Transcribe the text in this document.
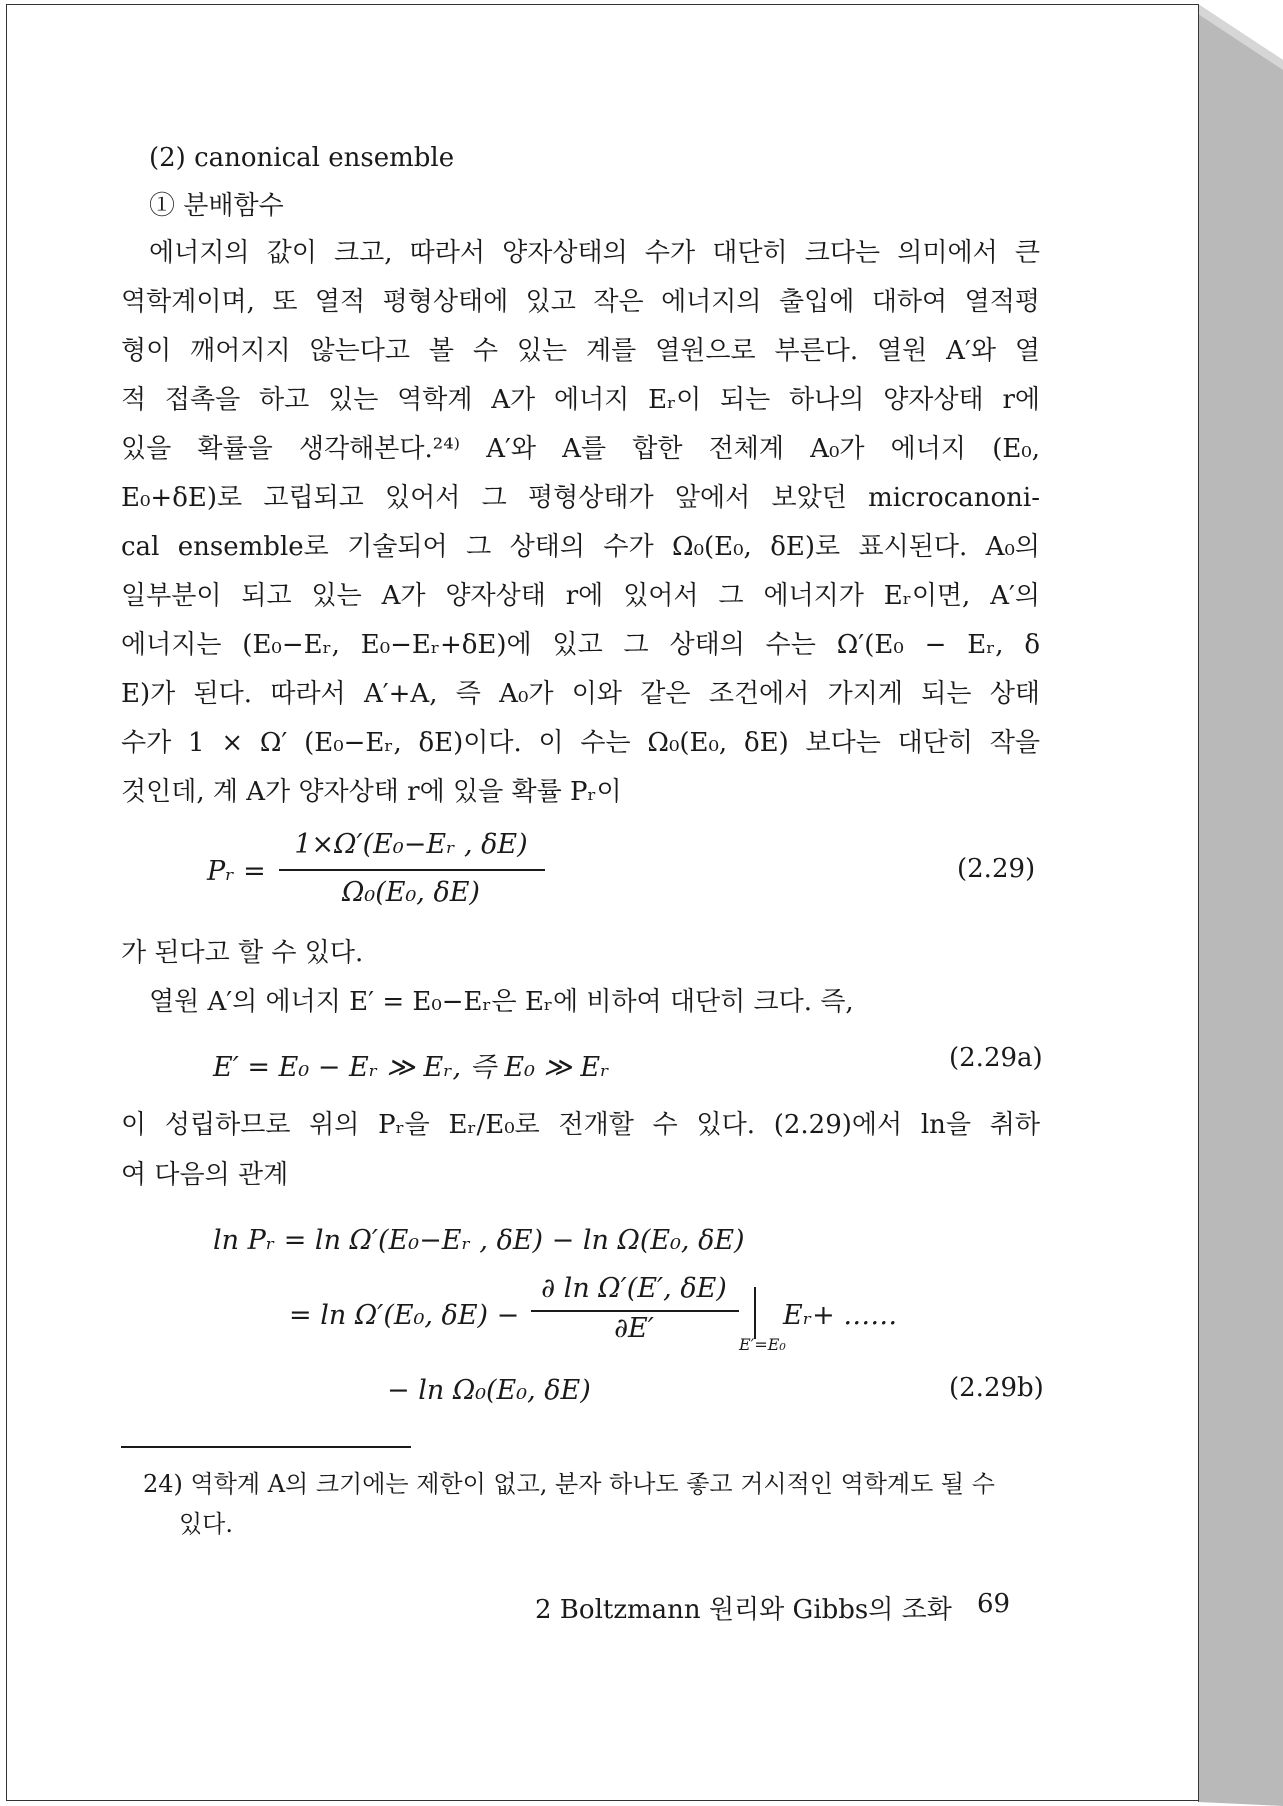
(2) canonical ensemble
① 분배함수
에너지의 값이 크고, 따라서 양자상태의 수가 대단히 크다는 의미에서 큰
역학계이며, 또 열적 평형상태에 있고 작은 에너지의 출입에 대하여 열적평
형이 깨어지지 않는다고 볼 수 있는 계를 열원으로 부른다. 열원 A′와 열
적 접촉을 하고 있는 역학계 A가 에너지 Eᵣ이 되는 하나의 양자상태 r에
있을 확률을 생각해본다.²⁴⁾ A′와 A를 합한 전체계 A₀가 에너지 (E₀,
E₀+δE)로 고립되고 있어서 그 평형상태가 앞에서 보았던 microcanoni-
cal ensemble로 기술되어 그 상태의 수가 Ω₀(E₀, δE)로 표시된다. A₀의
일부분이 되고 있는 A가 양자상태 r에 있어서 그 에너지가 Eᵣ이면, A′의
에너지는 (E₀−Eᵣ, E₀−Eᵣ+δE)에 있고 그 상태의 수는 Ω′(E₀ − Eᵣ, δ
E)가 된다. 따라서 A′+A, 즉 A₀가 이와 같은 조건에서 가지게 되는 상태
수가 1 × Ω′ (E₀−Eᵣ, δE)이다. 이 수는 Ω₀(E₀, δE) 보다는 대단히 작을
것인데, 계 A가 양자상태 r에 있을 확률 Pᵣ이
Pᵣ =
1×Ω′(E₀−Eᵣ , δE)
Ω₀(E₀, δE)
(2.29)
가 된다고 할 수 있다.
열원 A′의 에너지 E′ = E₀−Eᵣ은 Eᵣ에 비하여 대단히 크다. 즉,
E′ = E₀ − Eᵣ ≫ Eᵣ, 즉 E₀ ≫ Eᵣ	(2.29a)
이 성립하므로 위의 Pᵣ을 Eᵣ/E₀로 전개할 수 있다. (2.29)에서 ln을 취하
여 다음의 관계
ln Pᵣ = ln Ω′(E₀−Eᵣ , δE) − ln Ω(E₀, δE)
= ln Ω′(E₀, δE) −
∂ ln Ω′(E′, δE)
∂E′
E′=E₀
Eᵣ+ ……
− ln Ω₀(E₀, δE)	(2.29b)
24) 역학계 A의 크기에는 제한이 없고, 분자 하나도 좋고 거시적인 역학계도 될 수
있다.
2 Boltzmann 원리와 Gibbs의 조화 69
